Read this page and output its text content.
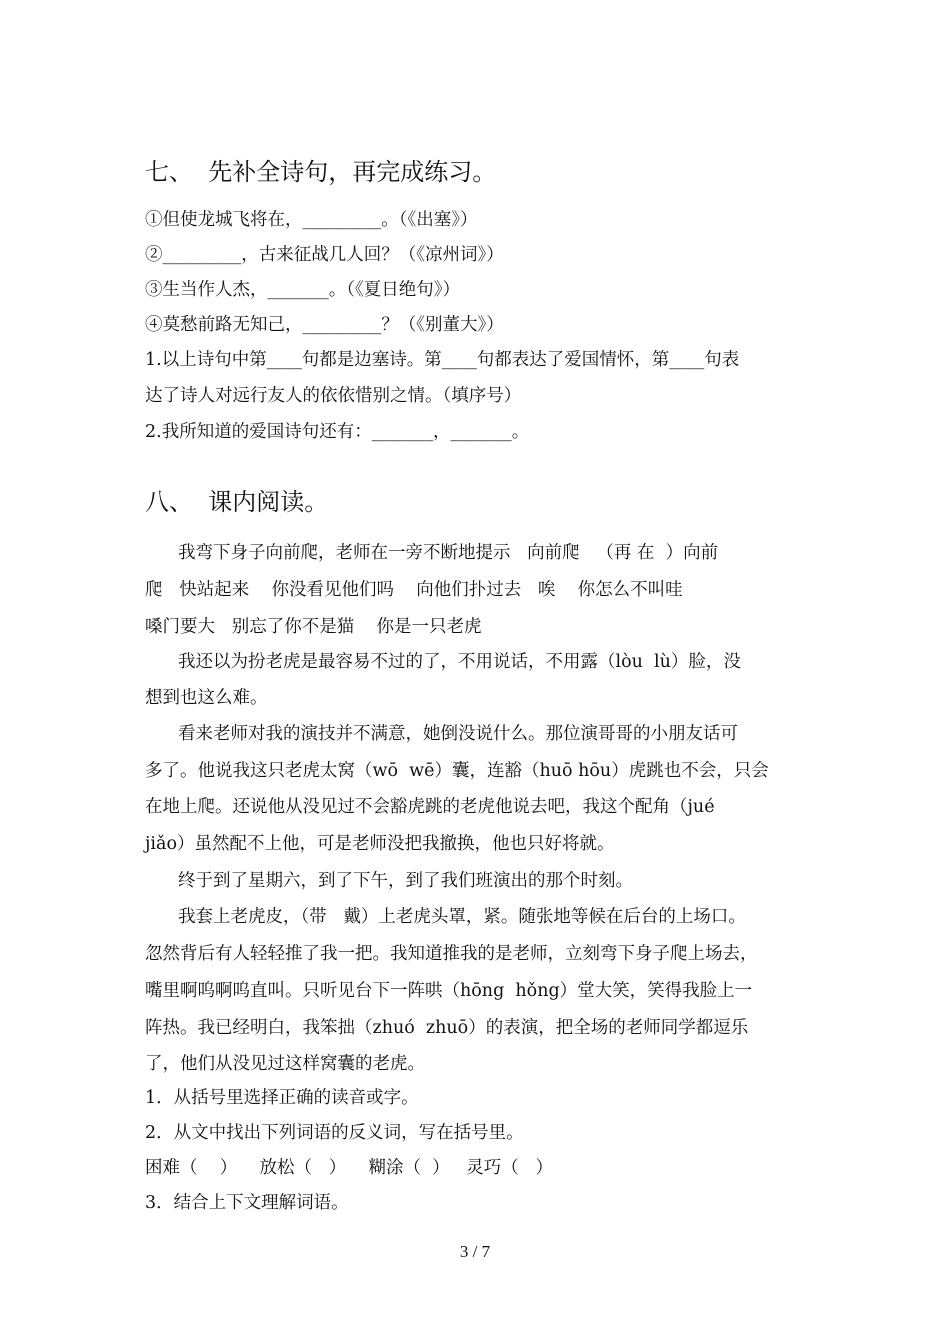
七、  先补全诗句，再完成练习。
①但使龙城飞将在，_________。（《出塞》）
②_________，古来征战几人回？（《凉州词》）
③生当作人杰，_______。（《夏日绝句》）
④莫愁前路无知己，_________？（《别董大》）
1.以上诗句中第____句都是边塞诗。第____句都表达了爱国情怀，第____句表
达了诗人对远行友人的依依惜别之情。（填序号）
2.我所知道的爱国诗句还有：_______，_______。
八、  课内阅读。
我弯下身子向前爬，老师在一旁不断地提示   向前爬   （再 在  ）向前
爬   快站起来    你没看见他们吗    向他们扑过去   唉    你怎么不叫哇
嗓门要大   别忘了你不是猫    你是一只老虎
我还以为扮老虎是最容易不过的了，不用说话，不用露（lòu  lù）脸，没
想到也这么难。
看来老师对我的演技并不满意，她倒没说什么。那位演哥哥的小朋友话可
多了。他说我这只老虎太窝（wō  wē）囊，连豁（huō hōu）虎跳也不会，只会
在地上爬。还说他从没见过不会豁虎跳的老虎他说去吧，我这个配角（jué
jiǎo）虽然配不上他，可是老师没把我撤换，他也只好将就。
终于到了星期六，到了下午，到了我们班演出的那个时刻。
我套上老虎皮，（带   戴）上老虎头罩，紧。随张地等候在后台的上场口。
忽然背后有人轻轻推了我一把。我知道推我的是老师，立刻弯下身子爬上场去，
嘴里啊呜啊呜直叫。只听见台下一阵哄（hōng  hǒng）堂大笑，笑得我脸上一
阵热。我已经明白，我笨拙（zhuó  zhuō）的表演，把全场的老师同学都逗乐
了，他们从没见过这样窝囊的老虎。
1．从括号里选择正确的读音或字。
2．从文中找出下列词语的反义词，写在括号里。
困难（    ）    放松（   ）    糊涂（  ）   灵巧（   ）
3．结合上下文理解词语。
3 / 7
